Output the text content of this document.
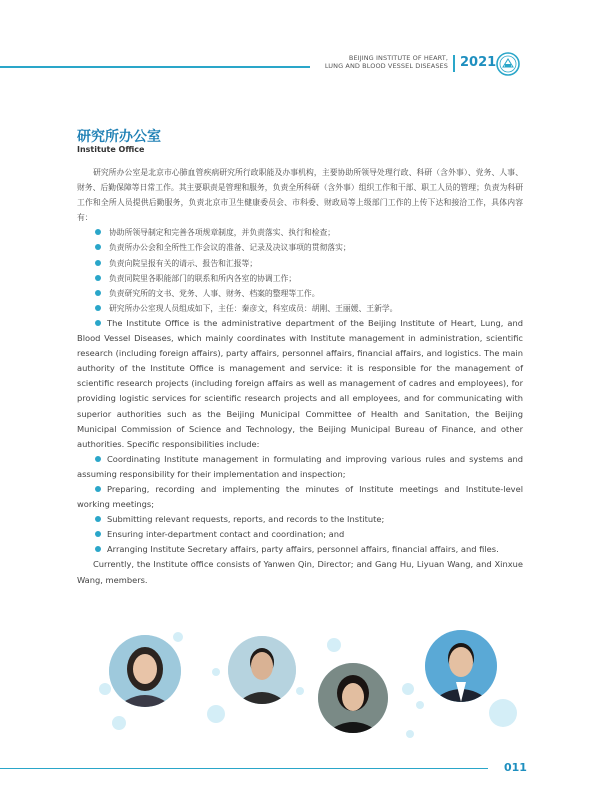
BEIJING INSTITUTE OF HEART,
LUNG AND BLOOD VESSEL DISEASES 2021
研究所办公室
Institute Office

研究所办公室是北京市心肺血管疾病研究所行政职能及办事机构，主要协助所领导处理行政、科研（含外事）、党务、人事、财务、后勤保障等日常工作。其主要职责是管理和服务，负责全所科研（含外事）组织工作和干部、职工人员的管理；负责为科研工作和全所人员提供后勤服务，负责北京市卫生健康委员会、市科委、财政局等上级部门工作的上传下达和接洽工作，具体内容有：

协助所领导制定和完善各项规章制度，并负责落实、执行和检查；

负责所办公会和全所性工作会议的准备、记录及决议事项的贯彻落实；

负责向院呈报有关的请示、报告和汇报等；

负责同院里各职能部门的联系和所内各室的协调工作；

负责研究所的文书、党务、人事、财务、档案的整理等工作。

研究所办公室现人员组成如下，主任：秦彦文，科室成员：胡刚、王丽媛、王新学。

The Institute Office is the administrative department of the Beijing Institute of Heart, Lung, and Blood Vessel Diseases, which mainly coordinates with Institute management in administration, scientific research (including foreign affairs), party affairs, personnel affairs, financial affairs, and logistics. The main authority of the Institute Office is management and service: it is responsible for the management of scientific research projects (including foreign affairs as well as management of cadres and employees), for providing logistic services for scientific research projects and all employees, and for communicating with superior authorities such as the Beijing Municipal Committee of Health and Sanitation, the Beijing Municipal Commission of Science and Technology, the Beijing Municipal Bureau of Finance, and other authorities. Specific responsibilities include:

Coordinating Institute management in formulating and improving various rules and systems and assuming responsibility for their implementation and inspection;

Preparing, recording and implementing the minutes of Institute meetings and Institute-level working meetings;

Submitting relevant requests, reports, and records to the Institute;

Ensuring inter-department contact and coordination; and

Arranging Institute Secretary affairs, party affairs, personnel affairs, financial affairs, and files.

Currently, the Institute office consists of Yanwen Qin, Director; and Gang Hu, Liyuan Wang, and Xinxue Wang, members.

011
